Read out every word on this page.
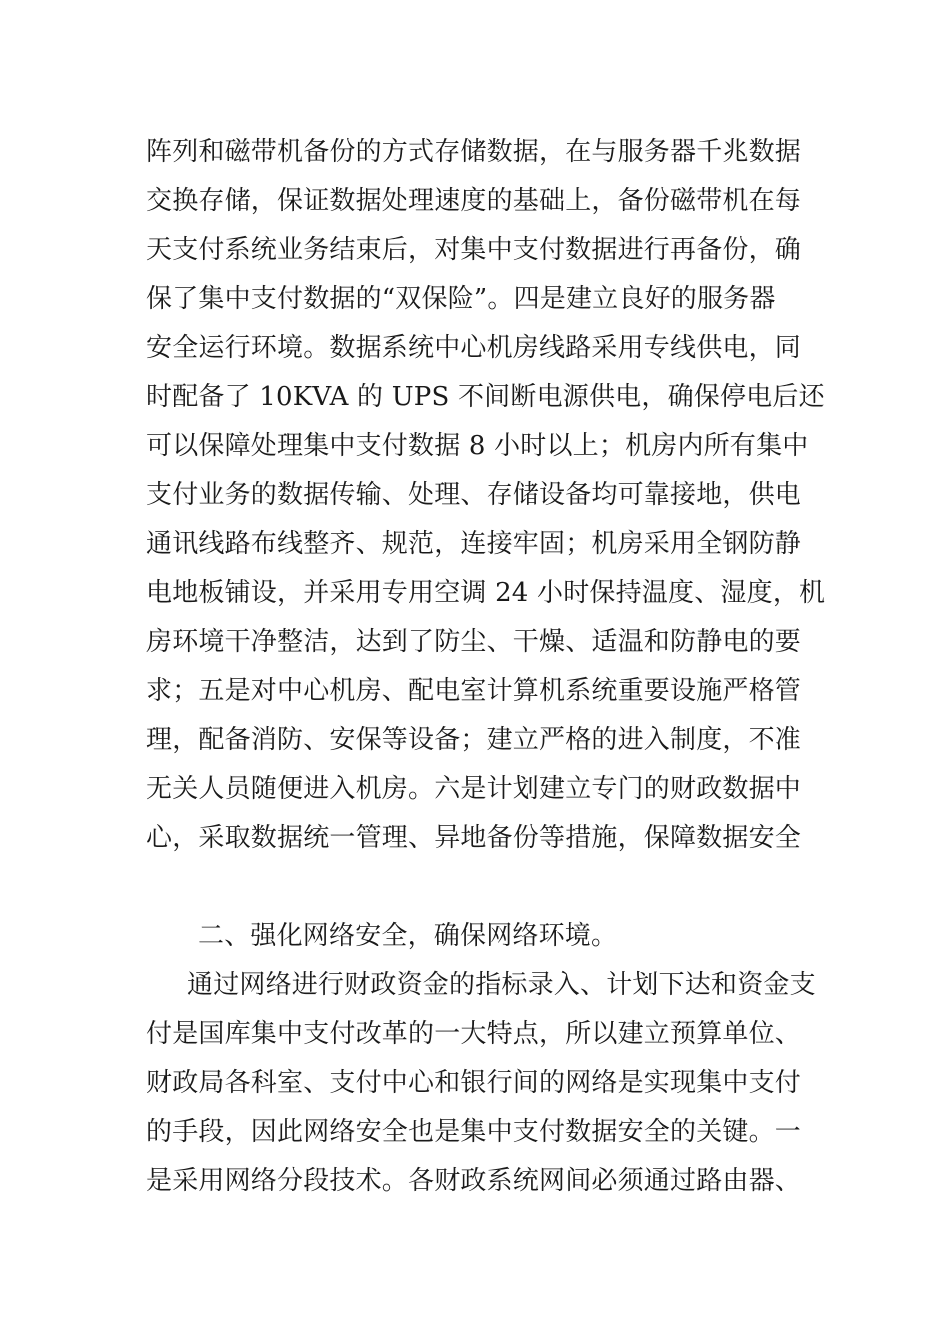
阵列和磁带机备份的方式存储数据，在与服务器千兆数据
交换存储，保证数据处理速度的基础上，备份磁带机在每
天支付系统业务结束后，对集中支付数据进行再备份，确
保了集中支付数据的“双保险”。四是建立良好的服务器
安全运行环境。数据系统中心机房线路采用专线供电，同
时配备了 10KVA 的 UPS 不间断电源供电，确保停电后还
可以保障处理集中支付数据 8 小时以上；机房内所有集中
支付业务的数据传输、处理、存储设备均可靠接地，供电
通讯线路布线整齐、规范，连接牢固；机房采用全钢防静
电地板铺设，并采用专用空调 24 小时保持温度、湿度，机
房环境干净整洁，达到了防尘、干燥、适温和防静电的要
求；五是对中心机房、配电室计算机系统重要设施严格管
理，配备消防、安保等设备；建立严格的进入制度，不准
无关人员随便进入机房。六是计划建立专门的财政数据中
心，采取数据统一管理、异地备份等措施，保障数据安全
二、强化网络安全，确保网络环境。
通过网络进行财政资金的指标录入、计划下达和资金支
付是国库集中支付改革的一大特点，所以建立预算单位、
财政局各科室、支付中心和银行间的网络是实现集中支付
的手段，因此网络安全也是集中支付数据安全的关键。一
是采用网络分段技术。各财政系统网间必须通过路由器、
